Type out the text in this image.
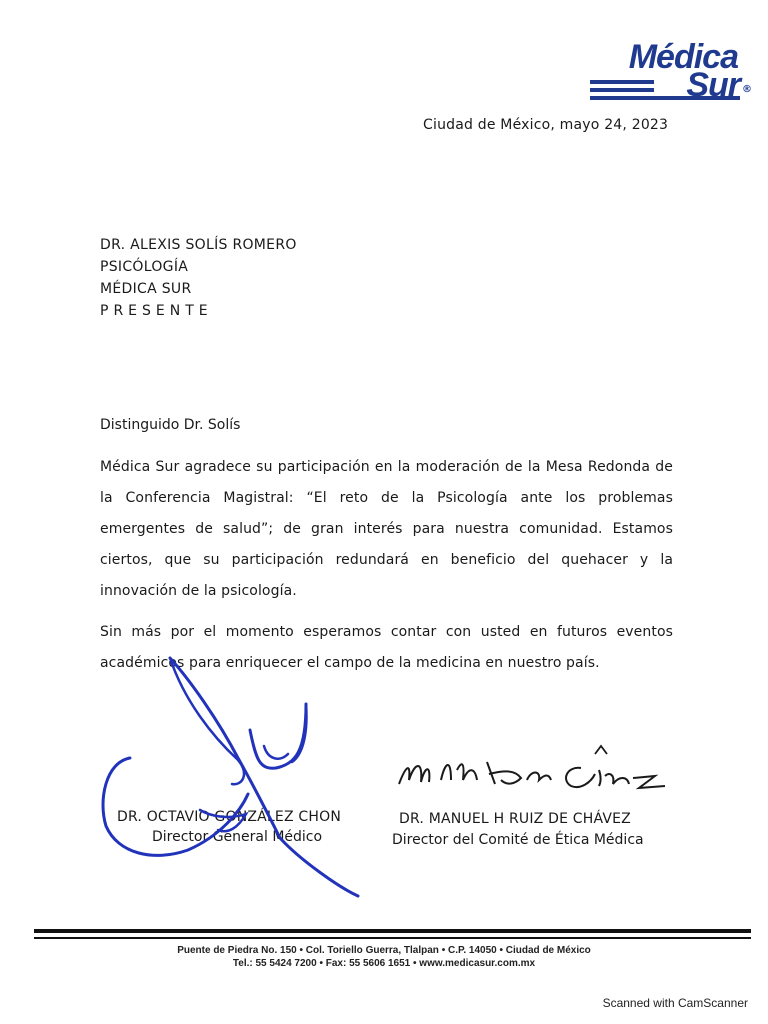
Médica
Sur ®
Ciudad de México, mayo 24, 2023
DR. ALEXIS SOLÍS ROMERO
PSICÓLOGÍA
MÉDICA SUR
PRESENTE
Distinguido Dr. Solís
Médica Sur agradece su participación en la moderación de la Mesa Redonda de la Conferencia Magistral: “El reto de la Psicología ante los problemas emergentes de salud”; de gran interés para nuestra comunidad. Estamos ciertos, que su participación redundará en beneficio del quehacer y la innovación de la psicología.
Sin más por el momento esperamos contar con usted en futuros eventos académicos para enriquecer el campo de la medicina en nuestro país.
DR. OCTAVIO GONZÁLEZ CHON
Director General Médico
DR. MANUEL H RUIZ DE CHÁVEZ
Director del Comité de Ética Médica
Puente de Piedra No. 150 • Col. Toriello Guerra, Tlalpan • C.P. 14050 • Ciudad de México
Tel.: 55 5424 7200 • Fax: 55 5606 1651 • www.medicasur.com.mx
Scanned with CamScanner
